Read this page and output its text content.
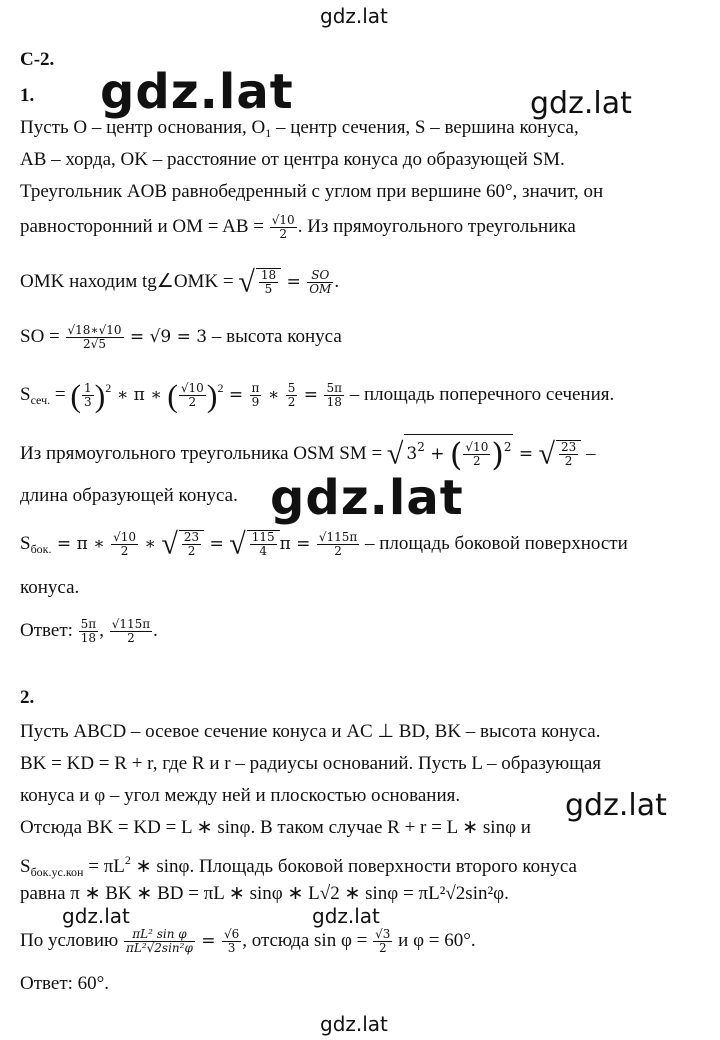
gdz.lat
gdz.lat	gdz.lat
gdz.lat
gdz.lat
gdz.lat	gdz.lat
gdz.lat
С-2.
1.
Пусть O – центр основания, $O_1$ – центр сечения, S – вершина конуса,
AB – хорда, OK – расстояние от центра конуса до образующей SM.
Треугольник AOB равнобедренный с углом при вершине 60°, значит, он
равносторонний и OM = AB = $\frac{√10}{2}$ . Из прямоугольного треугольника
OMK находим tg∠OMK = √ $\frac{18}{5} = \frac{SO}{OM}$ .
SO = $\frac{√18∗√10}{2√5} = √9 = 3$ – высота конуса
$S_{сеч.}$ = ( $\frac{1}{3} )^2$ ∗ π ∗ ( $\frac{√10}{2} )^2 = \frac{\pi}{9}$ ∗ $\frac{5}{2} = \frac{5\pi}{18}$ – площадь поперечного сечения.
Из прямоугольного треугольника OSM SM = √ $3^2$ + ( $\frac{√10}{2} )^2$ = √ $\frac{23}{2}$ –
длина образующей конуса.
$S_{бок.} = \pi$ ∗ $\frac{√10}{2}$ ∗ √ $\frac{23}{2}$ = √ $\frac{115}{4}$ $\pi = \frac{√115\pi}{2}$ – площадь боковой поверхности
конуса.
Ответ: $\frac{5\pi}{18}$ , $\frac{√115\pi}{2}$ .
2.
Пусть ABCD – осевое сечение конуса и AC ⊥ BD, BK – высота конуса.
BK = KD = R + r, где R и r – радиусы оснований. Пусть L – образующая
конуса и φ – угол между ней и плоскостью основания.
Отсюда BK = KD = L ∗ sinφ. В таком случае R + r = L ∗ sinφ и
$S_{бок.ус.кон} = \pi L^2$ ∗ sinφ. Площадь боковой поверхности второго конуса
равна π ∗ BK ∗ BD = πL ∗ sinφ ∗ L√2 ∗ sinφ = πL²√2sin²φ.
По условию $\frac{\text{πL² sin φ}}{\text{πL²√2sin²φ}} = \frac{√6}{3}$ , отсюда $\sin \varphi = \frac{√3}{2}$ и φ = 60°.
Ответ: 60°.
